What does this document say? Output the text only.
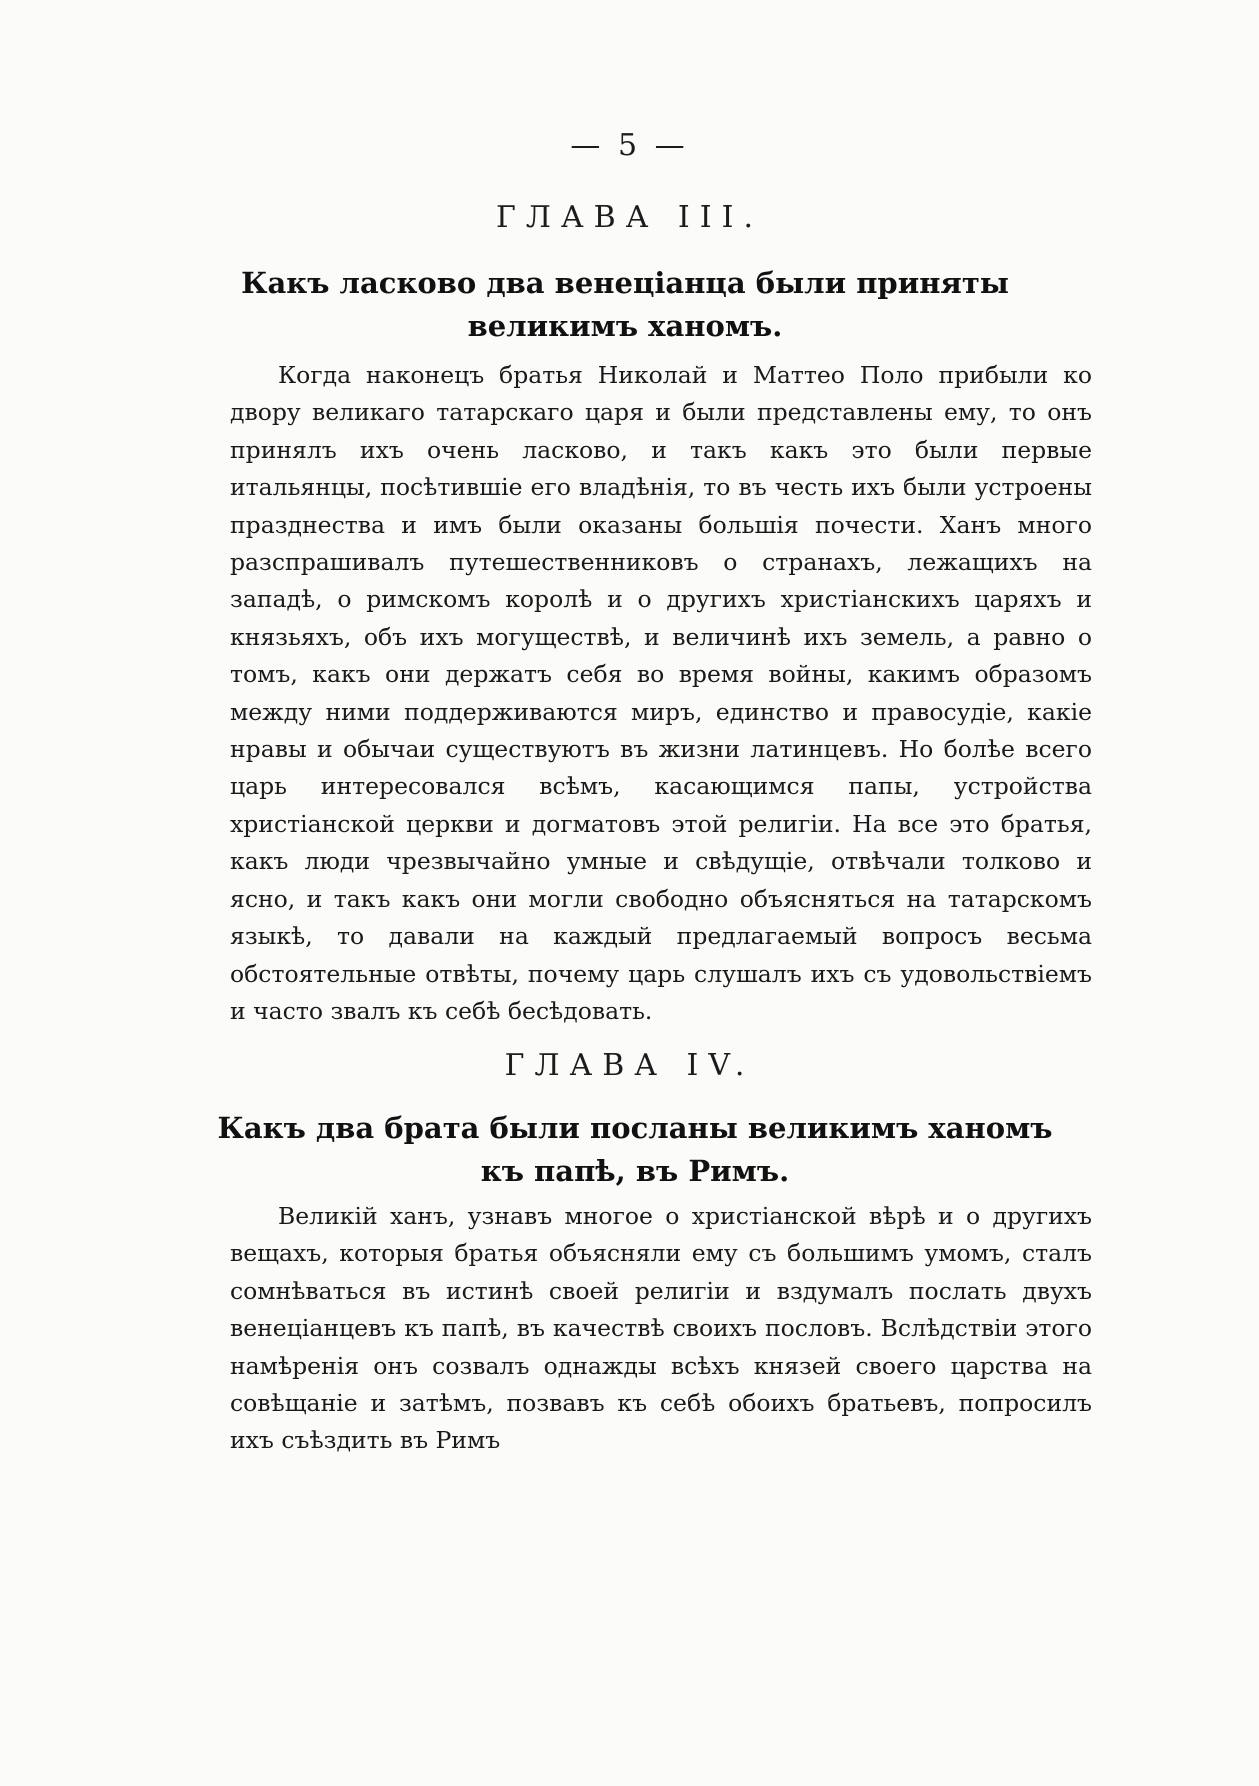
— 5 —
ГЛАВА III.
Какъ ласково два венеціанца были приняты великимъ ханомъ.

Когда наконецъ братья Николай и Маттео Поло прибыли ко двору великаго татарскаго царя и были представлены ему, то онъ принялъ ихъ очень ласково, и такъ какъ это были первые итальянцы, посѣтившіе его владѣнія, то въ честь ихъ были устроены празднества и имъ были оказаны большія почести. Ханъ много разспрашивалъ путешественниковъ о странахъ, лежащихъ на западѣ, о римскомъ королѣ и о другихъ христіанскихъ царяхъ и князьяхъ, объ ихъ могуществѣ, и величинѣ ихъ земель, а равно о томъ, какъ они держатъ себя во время войны, какимъ образомъ между ними поддерживаются миръ, единство и правосудіе, какіе нравы и обычаи существуютъ въ жизни латинцевъ. Но болѣе всего царь интересовался всѣмъ, касающимся папы, устройства христіанской церкви и догматовъ этой религіи. На все это братья, какъ люди чрезвычайно умные и свѣдущіе, отвѣчали толково и ясно, и такъ какъ они могли свободно объясняться на татарскомъ языкѣ, то давали на каждый предлагаемый вопросъ весьма обстоятельные отвѣты, почему царь слушалъ ихъ съ удовольствіемъ и часто звалъ къ себѣ бесѣдовать.

ГЛАВА IV.
Какъ два брата были посланы великимъ ханомъ къ папѣ, въ Римъ.

Великій ханъ, узнавъ многое о христіанской вѣрѣ и о другихъ вещахъ, которыя братья объясняли ему съ большимъ умомъ, сталъ сомнѣваться въ истинѣ своей религіи и вздумалъ послать двухъ венеціанцевъ къ папѣ, въ качествѣ своихъ пословъ. Вслѣдствіи этого намѣренія онъ созвалъ однажды всѣхъ князей своего царства на совѣщаніе и затѣмъ, позвавъ къ себѣ обоихъ братьевъ, попросилъ ихъ съѣздить въ Римъ
